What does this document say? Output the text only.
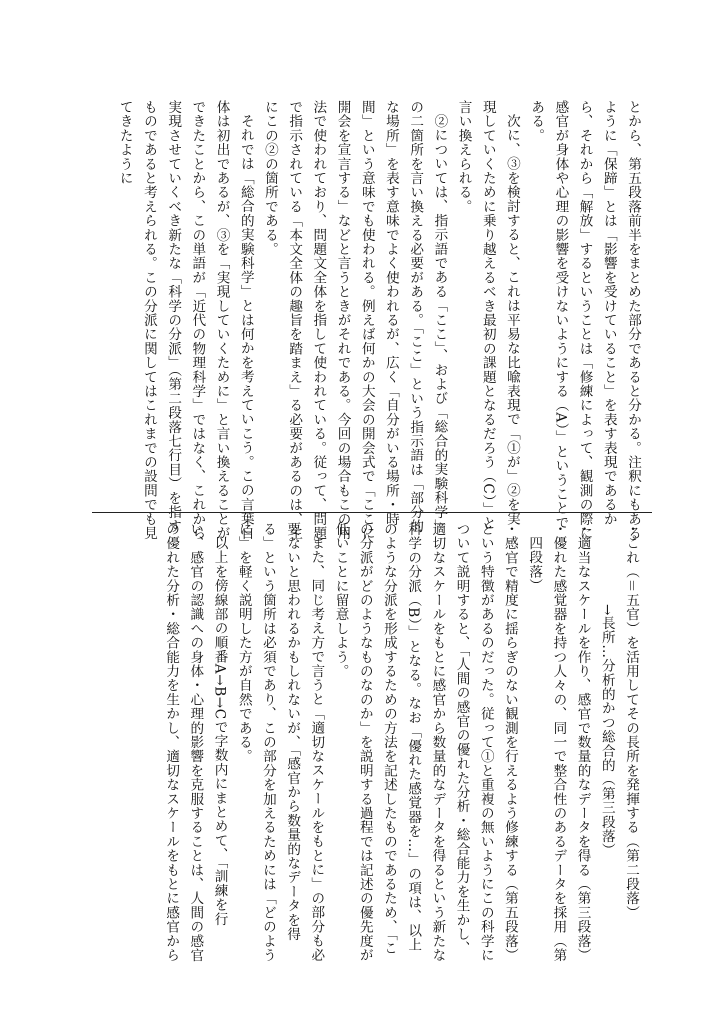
とから、第五段落前半をまとめた部分であると分かる。注釈にもある
ように「保蹄」とは「影響を受けていること」を表す表現であるか
ら、それから「解放」するということは「修練によって、観測の際に
感官が身体や心理の影響を受けないようにする（A）」ということで
ある。
次に、③を検討すると、これは平易な比喩表現で「①が」②を実
現していくために乗り越えるべき最初の課題となるだろう（C）」と
言い換えられる。
②については、指示語である「ここ」、および「総合的実験科学」
の二箇所を言い換える必要がある。「ここ」という指示語は「部分的
な場所」を表す意味でよく使われるが、広く「自分がいる場所・時
間」という意味でも使われる。例えば何かの大会の開会式で「ここに
開会を宣言する」などと言うときがそれである。今回の場合もこの用
法で使われており、問題文全体を指して使われている。従って、問題
で指示されている「本文全体の趣旨を踏まえ」る必要があるのは、主
にこの②の箇所である。
それでは「総合的実験科学」とは何かを考えていこう。この言葉自
体は初出であるが、③を「実現していくために」と言い換えることが
できたことから、この単語が「近代の物理科学」ではなく、これから
実現させていくべき新たな「科学の分派」（第二段落七行目）を指す
ものであると考えられる。この分派に関してはこれまでの設問でも見
てきたように
・これ（＝五官）を活用してその長所を発揮する（第二段落）
→長所…分析的かつ総合的（第三段落）
・適当なスケールを作り、感官で数量的なデータを得る（第三段落）
・優れた感覚器を持つ人々の、同一で整合性のあるデータを採用（第
四段落）
・感官で精度に揺らぎのない観測を行えるよう修練する（第五段落）
という特徴があるのだった。従って①と重複の無いようにこの科学に
ついて説明すると、「人間の感官の優れた分析・総合能力を生かし、
適切なスケールをもとに感官から数量的なデータを得るという新たな
科学の分派（B）」となる。なお「優れた感覚器を…」の項は、以上
のような分派を形成するための方法を記述したものであるため、「こ
の分派がどのようなものなのか」を説明する過程では記述の優先度が
低いことに留意しよう。
また、同じ考え方で言うと「適切なスケールをもとに」の部分も必
要ないと思われるかもしれないが、「感官から数量的なデータを得
る」という箇所は必須であり、この部分を加えるためには「どのよう
に」を軽く説明した方が自然である。
以上を傍線部の順番A→B→Cで字数内にまとめて、「訓練を行
い、感官の認識への身体・心理的影響を克服することは、人間の感官
の優れた分析・総合能力を生かし、適切なスケールをもとに感官から
